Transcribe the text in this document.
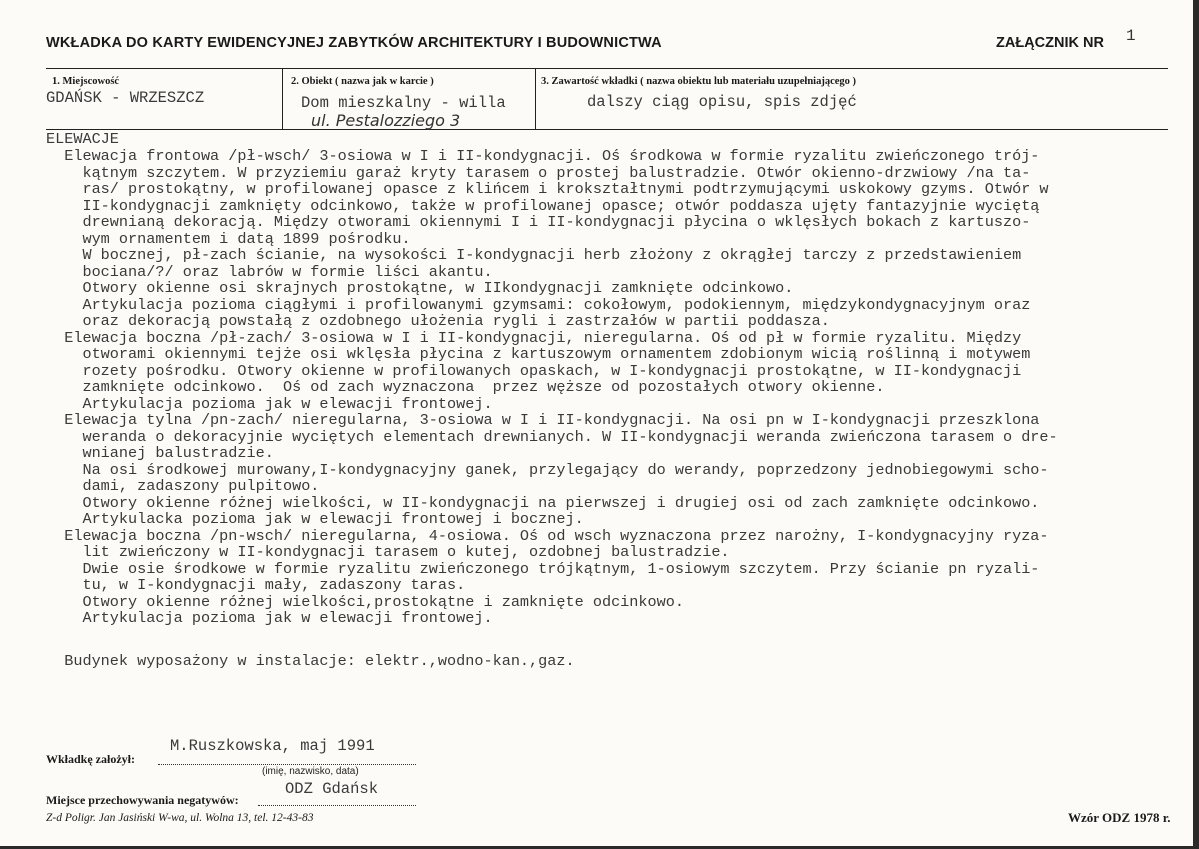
WKŁADKA DO KARTY EWIDENCYJNEJ ZABYTKÓW ARCHITEKTURY I BUDOWNICTWA	ZAŁĄCZNIK NR 1
1. Miejscowość
GDAŃSK - WRZESZCZ
2. Obiekt ( nazwa jak w karcie )
Dom mieszkalny - willa
ul. Pestalozziego 3
3. Zawartość wkładki ( nazwa obiektu lub materiału uzupełniającego )
dalszy ciąg opisu, spis zdjęć
ELEWACJE
Elewacja frontowa /pł-wsch/ 3-osiowa w I i II-kondygnacji. Oś środkowa w formie ryzalitu zwieńczonego trój-
kątnym szczytem. W przyziemiu garaż kryty tarasem o prostej balustradzie. Otwór okienno-drzwiowy /na ta-
ras/ prostokątny, w profilowanej opasce z klińcem i krokształtnymi podtrzymującymi uskokowy gzyms. Otwór w
II-kondygnacji zamknięty odcinkowo, także w profilowanej opasce; otwór poddasza ujęty fantazyjnie wyciętą
drewnianą dekoracją. Między otworami okiennymi I i II-kondygnacji płycina o wklęsłych bokach z kartuszo-
wym ornamentem i datą 1899 pośrodku.
W bocznej, pł-zach ścianie, na wysokości I-kondygnacji herb złożony z okrągłej tarczy z przedstawieniem
bociana/?/ oraz labrów w formie liści akantu.
Otwory okienne osi skrajnych prostokątne, w IIkondygnacji zamknięte odcinkowo.
Artykulacja pozioma ciągłymi i profilowanymi gzymsami: cokołowym, podokiennym, międzykondygnacyjnym oraz
oraz dekoracją powstałą z ozdobnego ułożenia rygli i zastrzałów w partii poddasza.
Elewacja boczna /pł-zach/ 3-osiowa w I i II-kondygnacji, nieregularna. Oś od pł w formie ryzalitu. Między
otworami okiennymi tejże osi wklęsła płycina z kartuszowym ornamentem zdobionym wicią roślinną i motywem
rozety pośrodku. Otwory okienne w profilowanych opaskach, w I-kondygnacji prostokątne, w II-kondygnacji
zamknięte odcinkowo.  Oś od zach wyznaczona  przez węższe od pozostałych otwory okienne.
Artykulacja pozioma jak w elewacji frontowej.
Elewacja tylna /pn-zach/ nieregularna, 3-osiowa w I i II-kondygnacji. Na osi pn w I-kondygnacji przeszklona
weranda o dekoracyjnie wyciętych elementach drewnianych. W II-kondygnacji weranda zwieńczona tarasem o dre-
wnianej balustradzie.
Na osi środkowej murowany,I-kondygnacyjny ganek, przylegający do werandy, poprzedzony jednobiegowymi scho-
dami, zadaszony pulpitowo.
Otwory okienne różnej wielkości, w II-kondygnacji na pierwszej i drugiej osi od zach zamknięte odcinkowo.
Artykulacka pozioma jak w elewacji frontowej i bocznej.
Elewacja boczna /pn-wsch/ nieregularna, 4-osiowa. Oś od wsch wyznaczona przez narożny, I-kondygnacyjny ryza-
lit zwieńczony w II-kondygnacji tarasem o kutej, ozdobnej balustradzie.
Dwie osie środkowe w formie ryzalitu zwieńczonego trójkątnym, 1-osiowym szczytem. Przy ścianie pn ryzali-
tu, w I-kondygnacji mały, zadaszony taras.
Otwory okienne różnej wielkości,prostokątne i zamknięte odcinkowo.
Artykulacja pozioma jak w elewacji frontowej.
Budynek wyposażony w instalacje: elektr.,wodno-kan.,gaz.
Wkładkę założył:
M.Ruszkowska, maj 1991
(imię, nazwisko, data)
Miejsce przechowywania negatywów:
ODZ Gdańsk
Z-d Poligr. Jan Jasiński W-wa, ul. Wolna 13, tel. 12-43-83	Wzór ODZ 1978 r.
